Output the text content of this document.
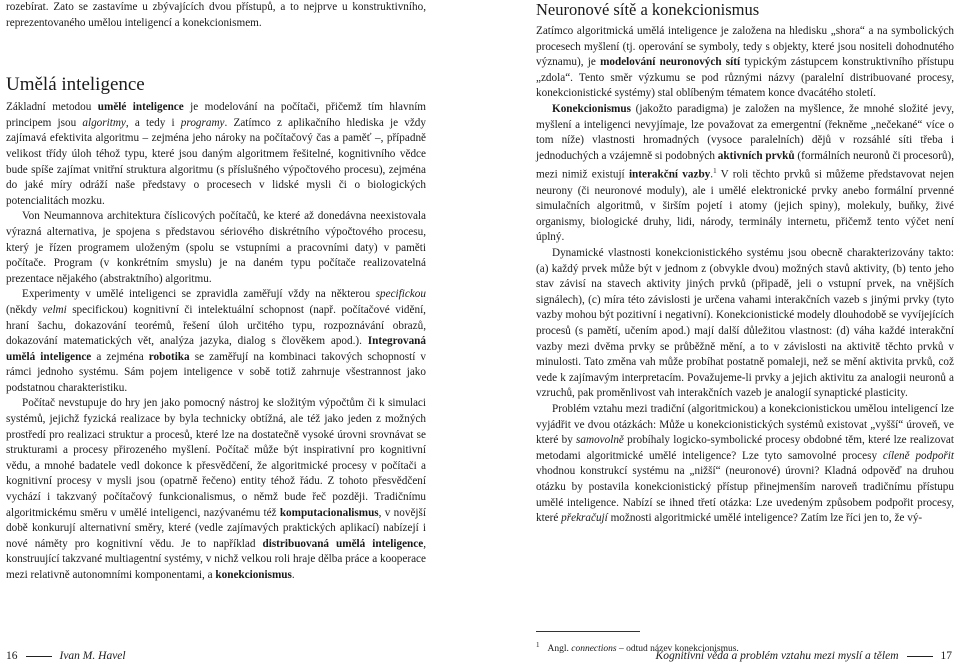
rozebírat. Zato se zastavíme u zbývajících dvou přístupů, a to nejprve u konstruktivního, reprezentovaného umělou inteligencí a konekcionismem.

Umělá inteligence

Základní metodou umělé inteligence je modelování na počítači, přičemž tím hlavním principem jsou algoritmy, a tedy i programy. Zatímco z aplikačního hlediska je vždy zajímavá efektivita algoritmu – zejména jeho nároky na počítačový čas a paměť –, případně velikost třídy úloh téhož typu, které jsou daným algoritmem řešitelné, kognitivního vědce bude spíše zajímat vnitřní struktura algoritmu (s příslušného výpočtového procesu), zejména do jaké míry odráží naše představy o procesech v lidské mysli či o biologických potencialitách mozku.

Von Neumannova architektura číslicových počítačů, ke které až donedávna neexistovala výrazná alternativa, je spojena s představou sériového diskrétního výpočtového procesu, který je řízen programem uloženým (spolu se vstupními a pracovními daty) v paměti počítače. Program (v konkrétním smyslu) je na daném typu počítače realizovatelná prezentace nějakého (abstraktního) algoritmu.

Experimenty v umělé inteligenci se zpravidla zaměřují vždy na některou specifickou (někdy velmi specifickou) kognitivní či intelektuální schopnost (např. počítačové vidění, hraní šachu, dokazování teorémů, řešení úloh určitého typu, rozpoznávání obrazů, dokazování matematických vět, analýza jazyka, dialog s člověkem apod.). Integrovaná umělá inteligence a zejména robotika se zaměřují na kombinaci takových schopností v rámci jednoho systému. Sám pojem inteligence v sobě totiž zahrnuje všestrannost jako podstatnou charakteristiku.

Počítač nevstupuje do hry jen jako pomocný nástroj ke složitým výpočtům či k simulaci systémů, jejichž fyzická realizace by byla technicky obtížná, ale též jako jeden z možných prostředí pro realizaci struktur a procesů, které lze na dostatečně vysoké úrovni srovnávat se strukturami a procesy přirozeného myšlení. Počítač může být inspirativní pro kognitivní vědu, a mnohé badatele vedl dokonce k přesvědčení, že algoritmické procesy v počítači a kognitivní procesy v mysli jsou (opatrně řečeno) entity téhož řádu. Z tohoto přesvědčení vychází i takzvaný počítačový funkcionalismus, o němž bude řeč později. Tradičnímu algoritmickému směru v umělé inteligenci, nazývanému též komputacionalismus, v novější době konkurují alternativní směry, které (vedle zajímavých praktických aplikací) nabízejí i nové náměty pro kognitivní vědu. Je to například distribuovaná umělá inteligence, konstruující takzvané multiagentní systémy, v nichž velkou roli hraje dělba práce a kooperace mezi relativně autonomními komponentami, a konekcionismus.

Neuronové sítě a konekcionismus

Zatímco algoritmická umělá inteligence je založena na hledisku „shora“ a na symbolických procesech myšlení (tj. operování se symboly, tedy s objekty, které jsou nositeli dohodnutého významu), je modelování neuronových sítí typickým zástupcem konstruktivního přístupu „zdola“. Tento směr výzkumu se pod různými názvy (paralelní distribuované procesy, konekcionistické systémy) stal oblíbeným tématem konce dvacátého století.

Konekcionismus (jakožto paradigma) je založen na myšlence, že mnohé složité jevy, myšlení a inteligenci nevyjímaje, lze považovat za emergentní (řekněme „nečekané“ více o tom níže) vlastnosti hromadných (vysoce paralelních) dějů v rozsáhlé síti třeba i jednoduchých a vzájemně si podobných aktivních prvků (formálních neuronů či procesorů), mezi nimiž existují interakční vazby.$^1$ V roli těchto prvků si můžeme představovat nejen neurony (či neuronové moduly), ale i umělé elektronické prvky anebo formální prvenné simulačních algoritmů, v širším pojetí i atomy (jejich spiny), molekuly, buňky, živé organismy, biologické druhy, lidi, národy, terminály internetu, přičemž tento výčet není úplný.

Dynamické vlastnosti konekcionistického systému jsou obecně charakterizovány takto: (a) každý prvek může být v jednom z (obvykle dvou) možných stavů aktivity, (b) tento jeho stav závisí na stavech aktivity jiných prvků (připadě, jeli o vstupní prvek, na vnějších signálech), (c) míra této závislosti je určena vahami interakčních vazeb s jinými prvky (tyto vazby mohou být pozitivní i negativní). Konekcionistické modely dlouhodobě se vyvíjejících procesů (s pamětí, učením apod.) mají další důležitou vlastnost: (d) váha každé interakční vazby mezi dvěma prvky se průběžně mění, a to v závislosti na aktivitě těchto prvků v minulosti. Tato změna vah může probíhat postatně pomaleji, než se mění aktivita prvků, což vede k zajímavým interpretacím. Považujeme-li prvky a jejich aktivitu za analogii neuronů a vzruchů, pak proměnlivost vah interakčních vazeb je analogií synaptické plasticity.

Problém vztahu mezi tradiční (algoritmickou) a konekcionistickou umělou inteligencí lze vyjádřit ve dvou otázkách: Může u konekcionistických systémů existovat „vyšší“ úroveň, ve které by samovolně probíhaly logicko-symbolické procesy obdobné těm, které lze realizovat metodami algoritmické umělé inteligence? Lze tyto samovolné procesy cíleně podpořit vhodnou konstrukcí systému na „nižší“ (neuronové) úrovni? Kladná odpověď na druhou otázku by postavila konekcionistický přístup přinejmenším naroveň tradičnímu přístupu umělé inteligence. Nabízí se ihned třetí otázka: Lze uvedeným způsobem podpořit procesy, které překračují možnosti algoritmické umělé inteligence? Zatím lze říci jen to, že vý-

$^1$ Angl. connections – odtud název konekcionismus.
16	Ivan M. Havel	Kognitivní věda a problém vztahu mezi myslí a tělem	17
